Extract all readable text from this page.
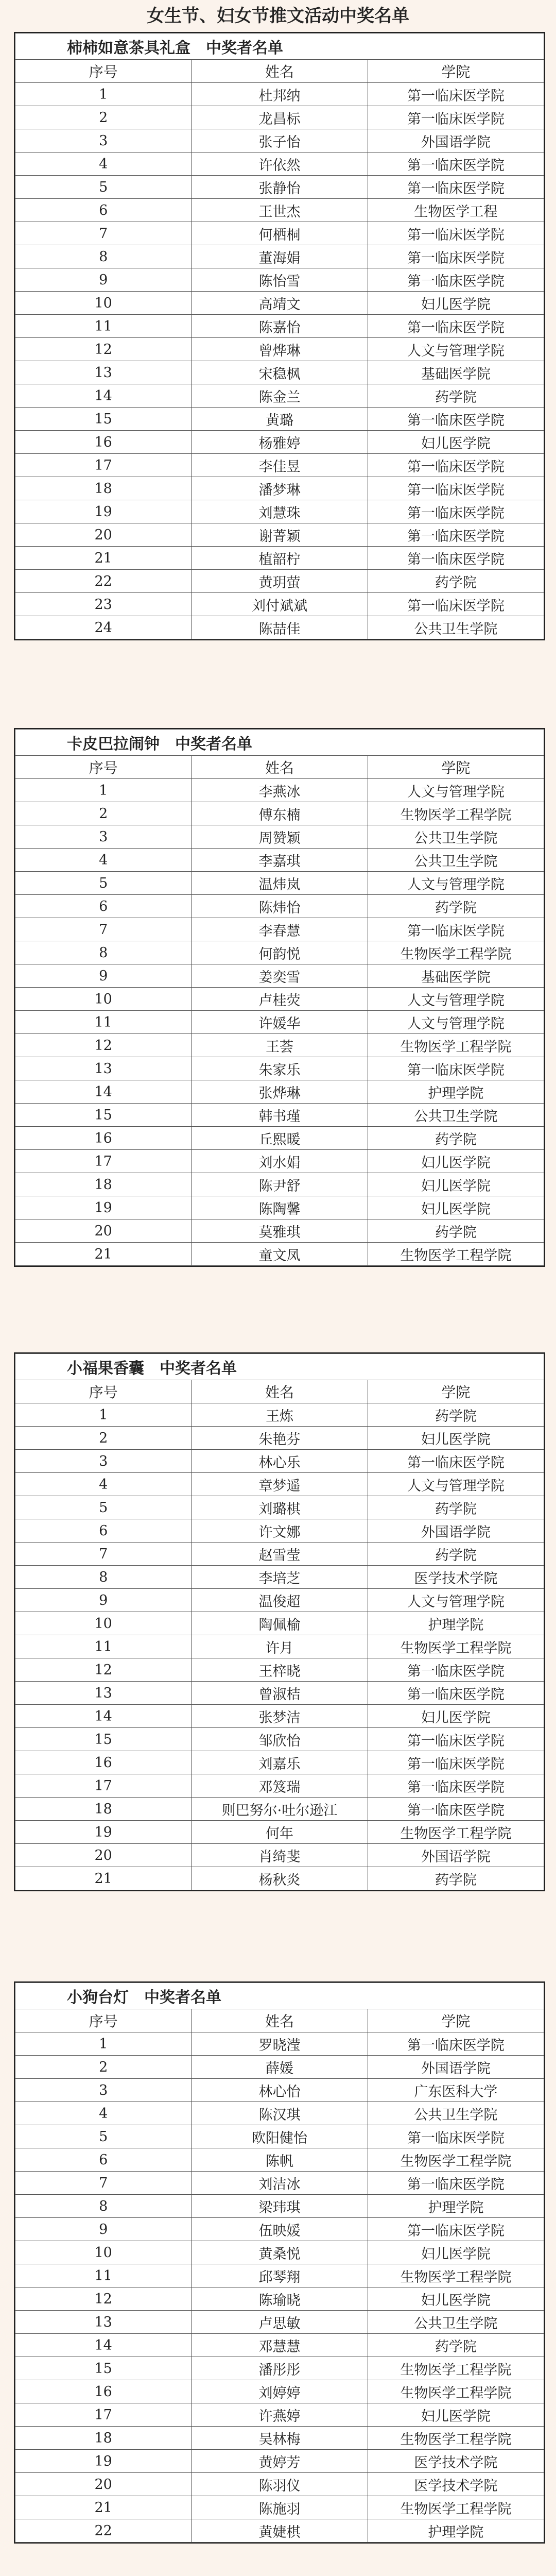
女生节、妇女节推文活动中奖名单
柿柿如意茶具礼盒　中奖者名单		

序号	姓名	学院
1	杜邦纳	第一临床医学院
2	龙昌标	第一临床医学院
3	张子怡	外国语学院
4	许依然	第一临床医学院
5	张静怡	第一临床医学院
6	王世杰	生物医学工程
7	何栖桐	第一临床医学院
8	董海娟	第一临床医学院
9	陈怡雪	第一临床医学院
10	高靖文	妇儿医学院
11	陈嘉怡	第一临床医学院
12	曾烨琳	人文与管理学院
13	宋稳枫	基础医学院
14	陈金兰	药学院
15	黄璐	第一临床医学院
16	杨雅婷	妇儿医学院
17	李佳昱	第一临床医学院
18	潘梦琳	第一临床医学院
19	刘慧珠	第一临床医学院
20	谢菁颖	第一临床医学院
21	植韶柠	第一临床医学院
22	黄玥萤	药学院
23	刘付斌斌	第一临床医学院
24	陈喆佳	公共卫生学院
卡皮巴拉闹钟　中奖者名单		

序号	姓名	学院
1	李燕冰	人文与管理学院
2	傅东楠	生物医学工程学院
3	周赞颖	公共卫生学院
4	李嘉琪	公共卫生学院
5	温炜岚	人文与管理学院
6	陈炜怡	药学院
7	李春慧	第一临床医学院
8	何韵悦	生物医学工程学院
9	姜奕雪	基础医学院
10	卢桂荧	人文与管理学院
11	许媛华	人文与管理学院
12	王荟	生物医学工程学院
13	朱家乐	第一临床医学院
14	张烨琳	护理学院
15	韩书瑾	公共卫生学院
16	丘熙暖	药学院
17	刘水娟	妇儿医学院
18	陈尹舒	妇儿医学院
19	陈陶馨	妇儿医学院
20	莫雅琪	药学院
21	童文凤	生物医学工程学院
小福果香囊　中奖者名单		

序号	姓名	学院
1	王炼	药学院
2	朱艳芬	妇儿医学院
3	林心乐	第一临床医学院
4	章梦遥	人文与管理学院
5	刘璐棋	药学院
6	许文娜	外国语学院
7	赵雪莹	药学院
8	李培芝	医学技术学院
9	温俊超	人文与管理学院
10	陶佩榆	护理学院
11	许月	生物医学工程学院
12	王梓晓	第一临床医学院
13	曾淑桔	第一临床医学院
14	张梦洁	妇儿医学院
15	邹欣怡	第一临床医学院
16	刘嘉乐	第一临床医学院
17	邓笈瑞	第一临床医学院
18	则巴努尔·吐尔逊江	第一临床医学院
19	何年	生物医学工程学院
20	肖绮斐	外国语学院
21	杨秋炎	药学院
小狗台灯　中奖者名单		

序号	姓名	学院
1	罗晓滢	第一临床医学院
2	薛媛	外国语学院
3	林心怡	广东医科大学
4	陈汉琪	公共卫生学院
5	欧阳健怡	第一临床医学院
6	陈帆	生物医学工程学院
7	刘洁冰	第一临床医学院
8	梁玮琪	护理学院
9	伍映媛	第一临床医学院
10	黄桑悦	妇儿医学院
11	邱琴翔	生物医学工程学院
12	陈瑜晓	妇儿医学院
13	卢思敏	公共卫生学院
14	邓慧慧	药学院
15	潘彤彤	生物医学工程学院
16	刘婷婷	生物医学工程学院
17	许燕婷	妇儿医学院
18	吴林梅	生物医学工程学院
19	黄婷芳	医学技术学院
20	陈羽仪	医学技术学院
21	陈施羽	生物医学工程学院
22	黄婕棋	护理学院
